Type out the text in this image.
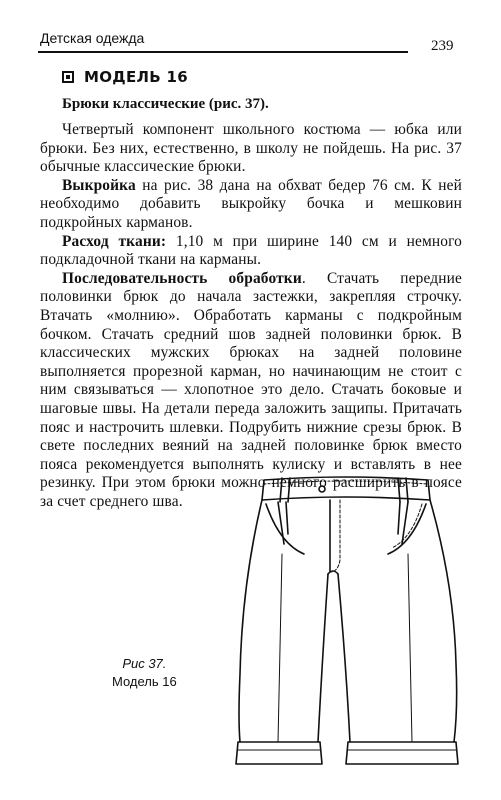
Детская одежда	239
МОДЕЛЬ 16
Брюки классические (рис. 37).

Четвертый компонент школьного костюма — юбка или брюки. Без них, естественно, в школу не пойдешь. На рис. 37 обычные классические брюки.

Выкройка на рис. 38 дана на обхват бедер 76 см. К ней необходимо добавить выкройку бочка и мешковин подкройных карманов.

Расход ткани: 1,10 м при ширине 140 см и немного подкладочной ткани на карманы.

Последовательность обработки. Стачать передние половинки брюк до начала застежки, закрепляя строчку. Втачать «молнию». Обработать карманы с подкройным бочком. Стачать средний шов задней половинки брюк. В классических мужских брюках на задней половине выполняется прорезной карман, но начинающим не стоит с ним связываться — хлопотное это дело. Стачать боковые и шаговые швы. На детали переда заложить защипы. Притачать пояс и настрочить шлевки. Подрубить нижние срезы брюк. В свете последних веяний на задней половинке брюк вместо пояса рекомендуется выполнять кулиску и вставлять в нее резинку. При этом брюки можно немного расширить в поясе за счет среднего шва.

Рис 37.
Модель 16
